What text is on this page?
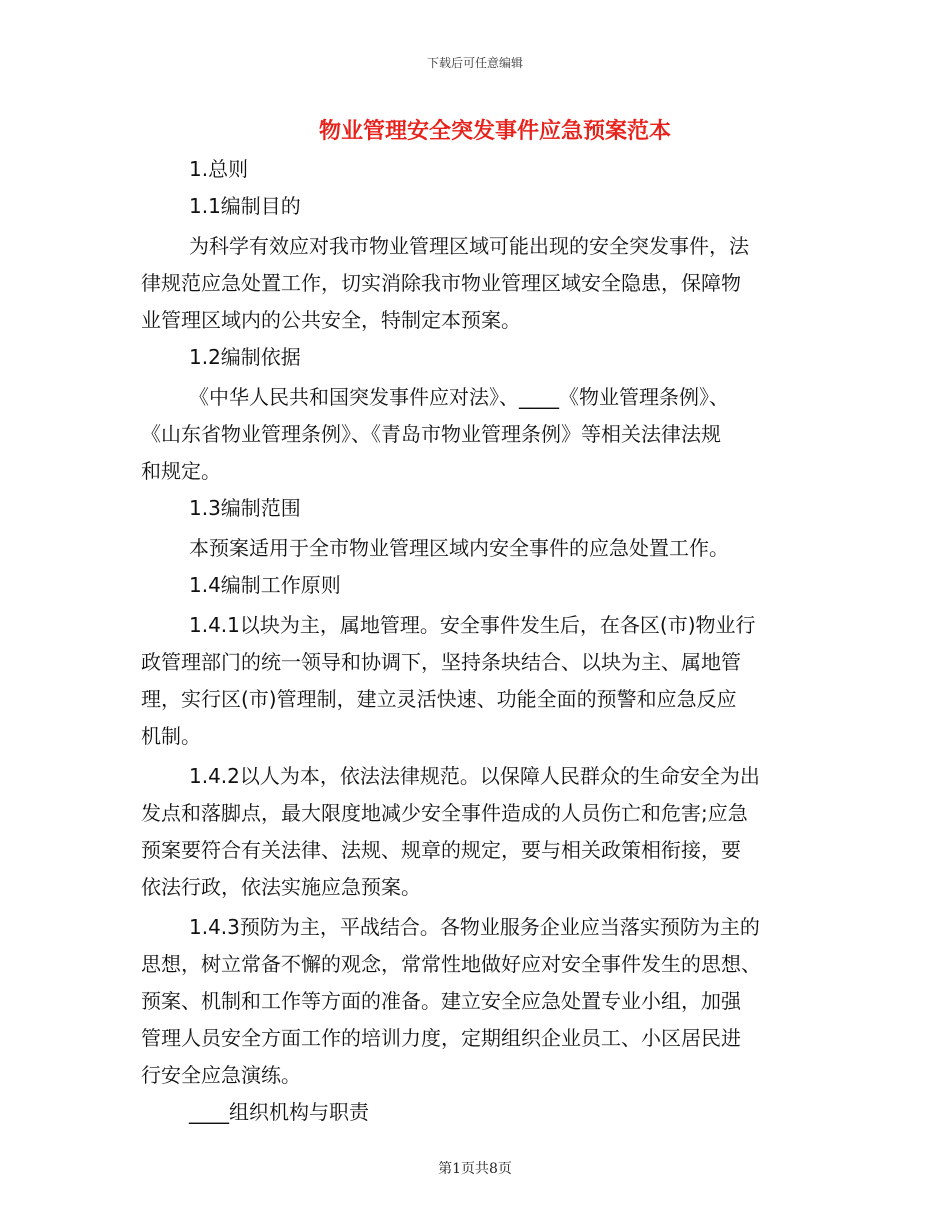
下载后可任意编辑
物业管理安全突发事件应急预案范本
1.总则
1.1编制目的
为科学有效应对我市物业管理区域可能出现的安全突发事件，法
律规范应急处置工作，切实消除我市物业管理区域安全隐患，保障物
业管理区域内的公共安全，特制定本预案。
1.2编制依据
《中华人民共和国突发事件应对法》、____《物业管理条例》、
《山东省物业管理条例》、《青岛市物业管理条例》等相关法律法规
和规定。
1.3编制范围
本预案适用于全市物业管理区域内安全事件的应急处置工作。
1.4编制工作原则
1.4.1以块为主，属地管理。安全事件发生后，在各区(市)物业行
政管理部门的统一领导和协调下，坚持条块结合、以块为主、属地管
理，实行区(市)管理制，建立灵活快速、功能全面的预警和应急反应
机制。
1.4.2以人为本，依法法律规范。以保障人民群众的生命安全为出
发点和落脚点，最大限度地减少安全事件造成的人员伤亡和危害;应急
预案要符合有关法律、法规、规章的规定，要与相关政策相衔接，要
依法行政，依法实施应急预案。
1.4.3预防为主，平战结合。各物业服务企业应当落实预防为主的
思想，树立常备不懈的观念，常常性地做好应对安全事件发生的思想、
预案、机制和工作等方面的准备。建立安全应急处置专业小组，加强
管理人员安全方面工作的培训力度，定期组织企业员工、小区居民进
行安全应急演练。
____组织机构与职责
第1页共8页
